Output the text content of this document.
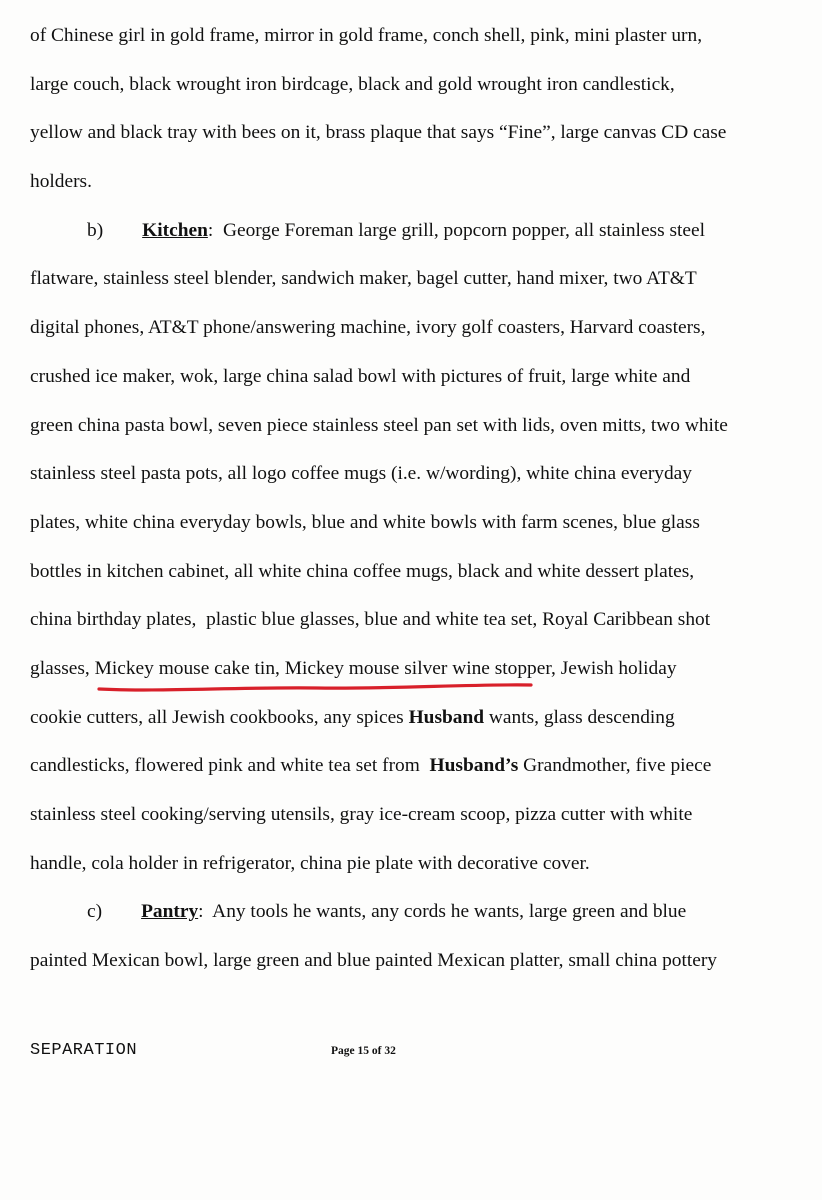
of Chinese girl in gold frame, mirror in gold frame, conch shell, pink, mini plaster urn,
large couch, black wrought iron birdcage, black and gold wrought iron candlestick,
yellow and black tray with bees on it, brass plaque that says “Fine”, large canvas CD case
holders.
b) Kitchen:  George Foreman large grill, popcorn popper, all stainless steel
flatware, stainless steel blender, sandwich maker, bagel cutter, hand mixer, two AT&T
digital phones, AT&T phone/answering machine, ivory golf coasters, Harvard coasters,
crushed ice maker, wok, large china salad bowl with pictures of fruit, large white and
green china pasta bowl, seven piece stainless steel pan set with lids, oven mitts, two white
stainless steel pasta pots, all logo coffee mugs (i.e. w/wording), white china everyday
plates, white china everyday bowls, blue and white bowls with farm scenes, blue glass
bottles in kitchen cabinet, all white china coffee mugs, black and white dessert plates,
china birthday plates,  plastic blue glasses, blue and white tea set, Royal Caribbean shot
glasses, Mickey mouse cake tin, Mickey mouse silver wine stopper, Jewish holiday
cookie cutters, all Jewish cookbooks, any spices Husband wants, glass descending
candlesticks, flowered pink and white tea set from  Husband’s Grandmother, five piece
stainless steel cooking/serving utensils, gray ice-cream scoop, pizza cutter with white
handle, cola holder in refrigerator, china pie plate with decorative cover.
c) Pantry:  Any tools he wants, any cords he wants, large green and blue
painted Mexican bowl, large green and blue painted Mexican platter, small china pottery
SEPARATION	Page 15 of 32
